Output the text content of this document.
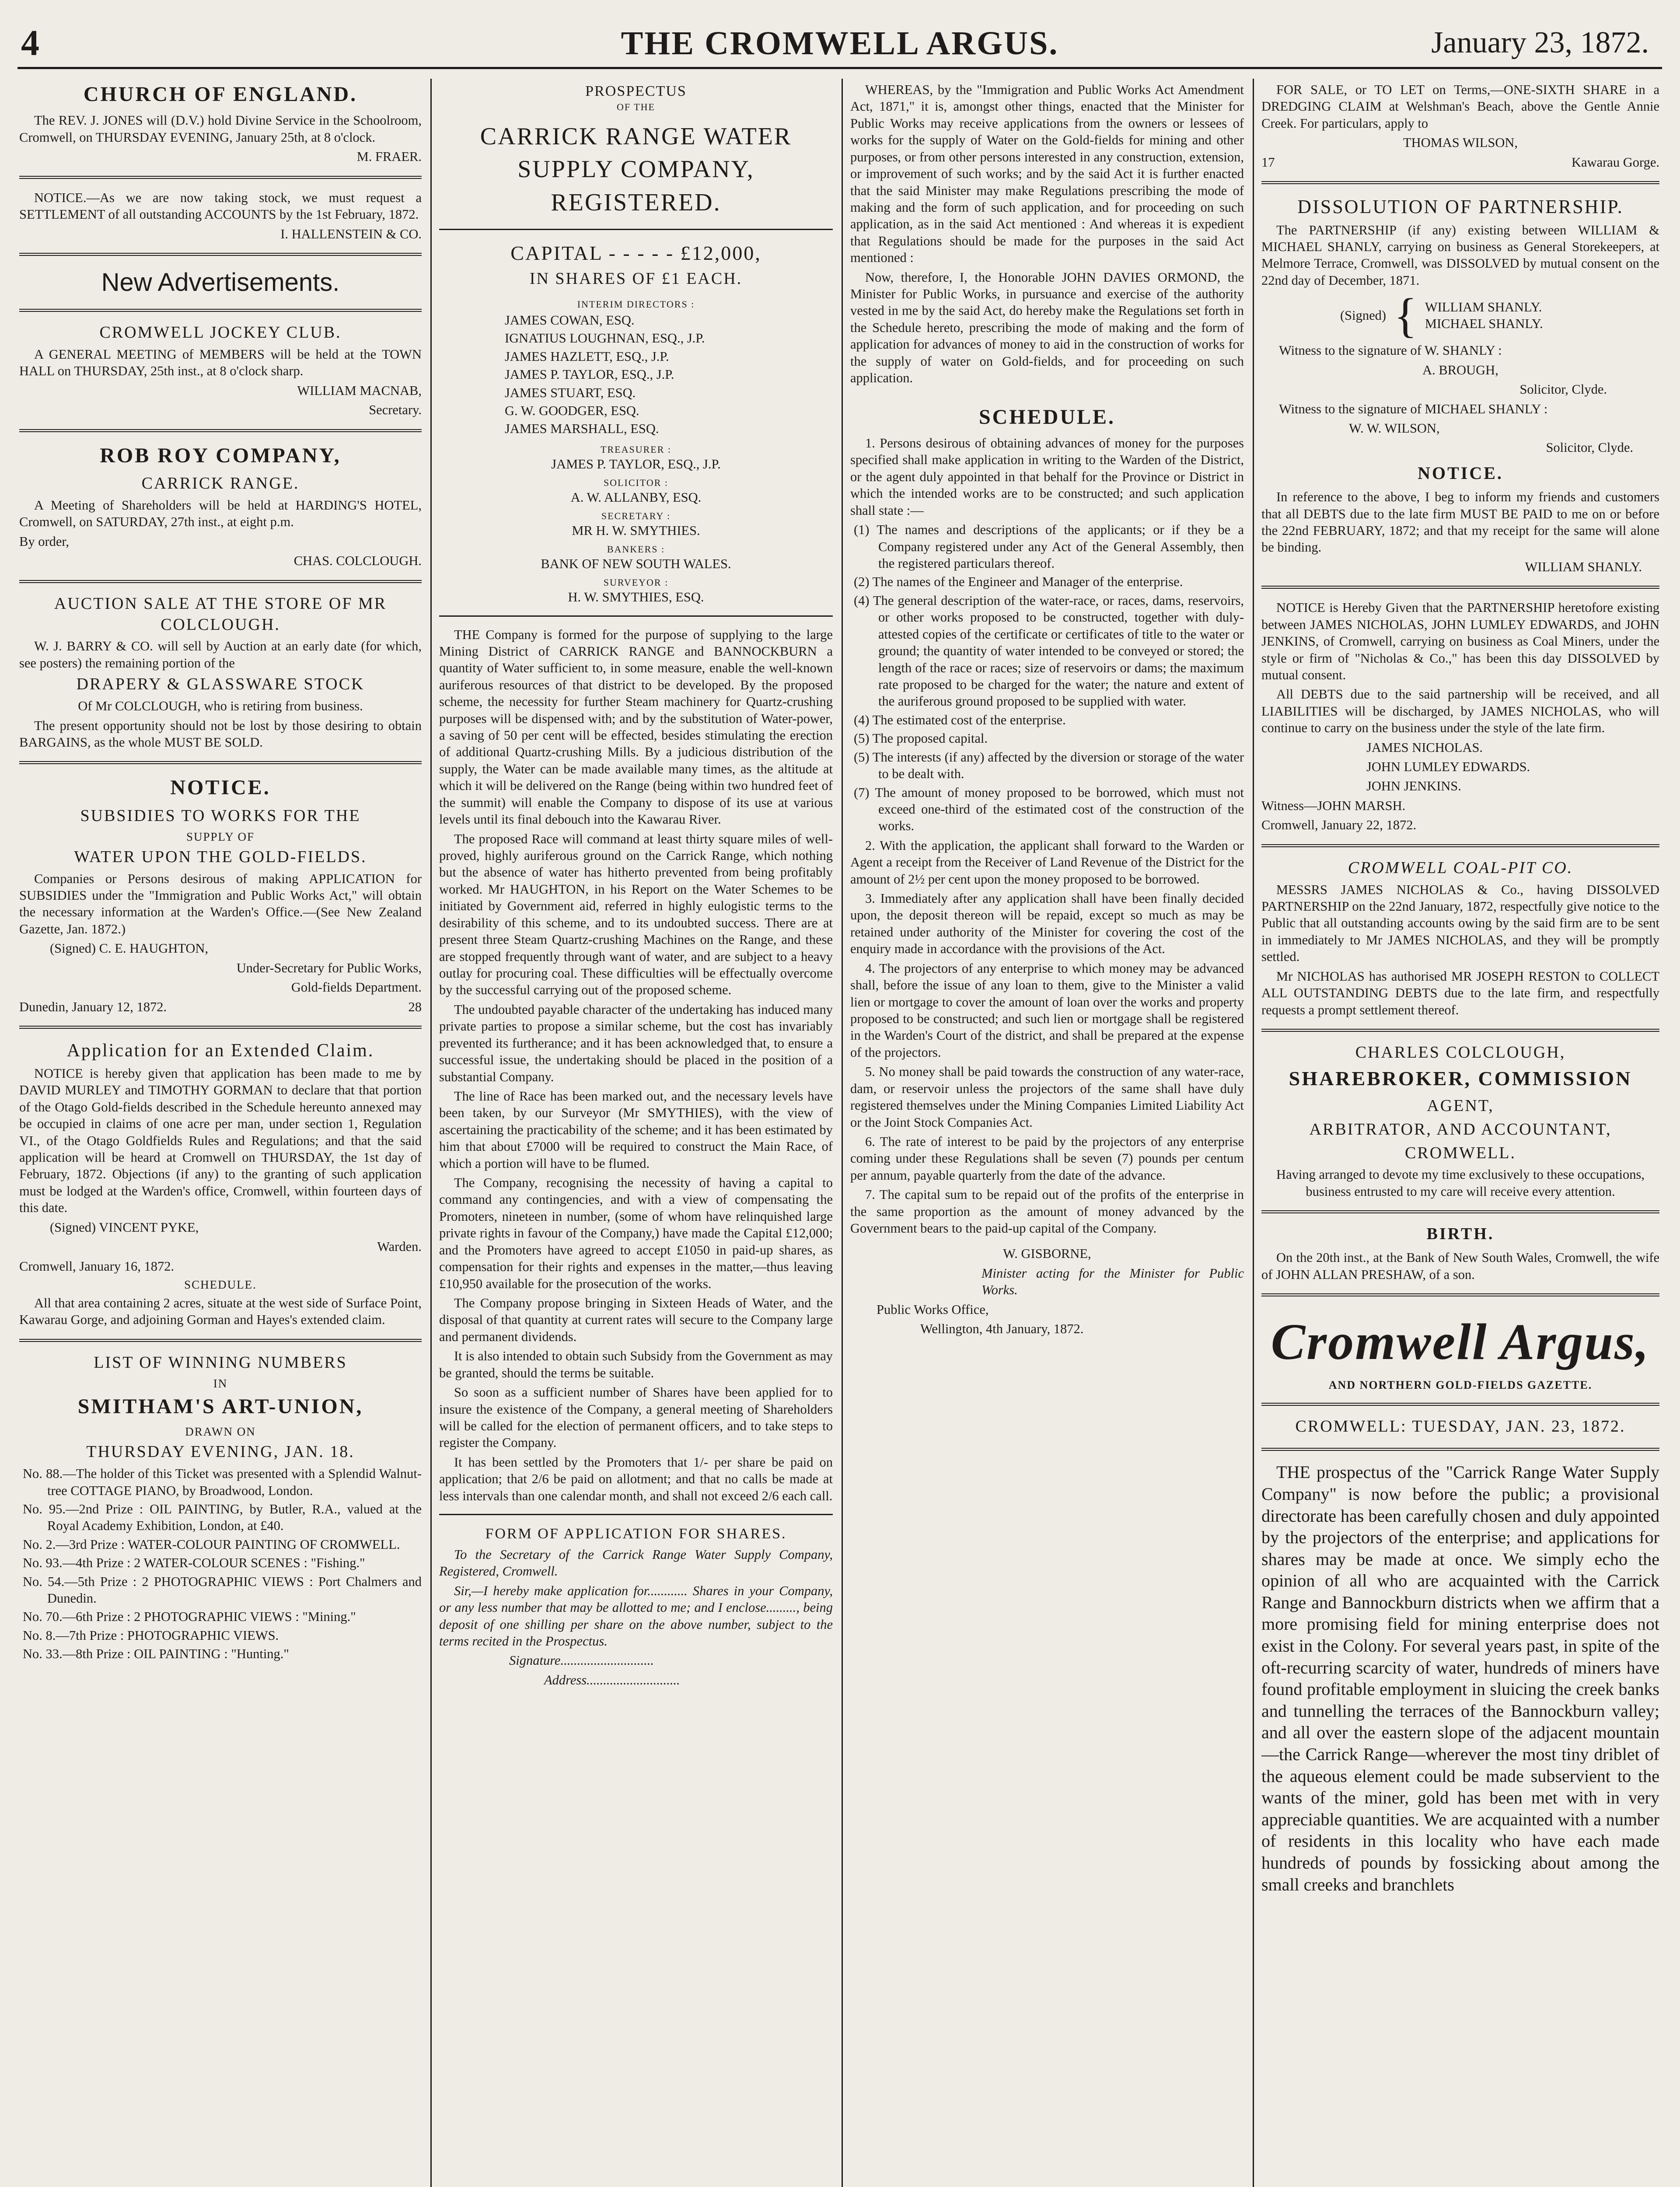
4	THE CROMWELL ARGUS.	January 23, 1872.
CHURCH OF ENGLAND.

The REV. J. JONES will (D.V.) hold Divine Service in the Schoolroom, Cromwell, on THURSDAY EVENING, January 25th, at 8 o'clock.

M. FRAER.

NOTICE.—As we are now taking stock, we must request a SETTLEMENT of all outstanding ACCOUNTS by the 1st February, 1872.

I. HALLENSTEIN & CO.

New Advertisements.
CROMWELL JOCKEY CLUB.

A GENERAL MEETING of MEMBERS will be held at the TOWN HALL on THURSDAY, 25th inst., at 8 o'clock sharp.

WILLIAM MACNAB,

Secretary.

ROB ROY COMPANY,
CARRICK RANGE.

A Meeting of Shareholders will be held at HARDING'S HOTEL, Cromwell, on SATURDAY, 27th inst., at eight p.m.

By order,

CHAS. COLCLOUGH.

AUCTION SALE AT THE STORE OF MR COLCLOUGH.

W. J. BARRY & CO. will sell by Auction at an early date (for which, see posters) the remaining portion of the

DRAPERY & GLASSWARE STOCK

Of Mr COLCLOUGH, who is retiring from business.

The present opportunity should not be lost by those desiring to obtain BARGAINS, as the whole MUST BE SOLD.

NOTICE.
SUBSIDIES TO WORKS FOR THE
SUPPLY OF
WATER UPON THE GOLD-FIELDS.

Companies or Persons desirous of making APPLICATION for SUBSIDIES under the "Immigration and Public Works Act," will obtain the necessary information at the Warden's Office.—(See New Zealand Gazette, Jan. 1872.)

(Signed) C. E. HAUGHTON,

Under-Secretary for Public Works,

Gold-fields Department.

Dunedin, January 12, 1872.	28

Application for an Extended Claim.

NOTICE is hereby given that application has been made to me by DAVID MURLEY and TIMOTHY GORMAN to declare that that portion of the Otago Gold-fields described in the Schedule hereunto annexed may be occupied in claims of one acre per man, under section 1, Regulation VI., of the Otago Goldfields Rules and Regulations; and that the said application will be heard at Cromwell on THURSDAY, the 1st day of February, 1872. Objections (if any) to the granting of such application must be lodged at the Warden's office, Cromwell, within fourteen days of this date.

(Signed) VINCENT PYKE,

Warden.

Cromwell, January 16, 1872.

SCHEDULE.

All that area containing 2 acres, situate at the west side of Surface Point, Kawarau Gorge, and adjoining Gorman and Hayes's extended claim.

LIST OF WINNING NUMBERS
IN
SMITHAM'S ART-UNION,
DRAWN ON
THURSDAY EVENING, JAN. 18.
No. 88.—The holder of this Ticket was presented with a Splendid Walnut-tree COTTAGE PIANO, by Broadwood, London.
No. 95.—2nd Prize : OIL PAINTING, by Butler, R.A., valued at the Royal Academy Exhibition, London, at £40.
No. 2.—3rd Prize : WATER-COLOUR PAINTING OF CROMWELL.
No. 93.—4th Prize : 2 WATER-COLOUR SCENES : "Fishing."
No. 54.—5th Prize : 2 PHOTOGRAPHIC VIEWS : Port Chalmers and Dunedin.
No. 70.—6th Prize : 2 PHOTOGRAPHIC VIEWS : "Mining."
No. 8.—7th Prize : PHOTOGRAPHIC VIEWS.
No. 33.—8th Prize : OIL PAINTING : "Hunting."
PROSPECTUS
OF THE
CARRICK RANGE WATER SUPPLY COMPANY, REGISTERED.
CAPITAL - - - - - £12,000,
IN SHARES OF £1 EACH.
INTERIM DIRECTORS :
JAMES COWAN, ESQ.
IGNATIUS LOUGHNAN, ESQ., J.P.
JAMES HAZLETT, ESQ., J.P.
JAMES P. TAYLOR, ESQ., J.P.
JAMES STUART, ESQ.
G. W. GOODGER, ESQ.
JAMES MARSHALL, ESQ.
TREASURER :
JAMES P. TAYLOR, ESQ., J.P.
SOLICITOR :
A. W. ALLANBY, ESQ.
SECRETARY :
MR H. W. SMYTHIES.
BANKERS :
BANK OF NEW SOUTH WALES.
SURVEYOR :
H. W. SMYTHIES, ESQ.

THE Company is formed for the purpose of supplying to the large Mining District of CARRICK RANGE and BANNOCKBURN a quantity of Water sufficient to, in some measure, enable the well-known auriferous resources of that district to be developed. By the proposed scheme, the necessity for further Steam machinery for Quartz-crushing purposes will be dispensed with; and by the substitution of Water-power, a saving of 50 per cent will be effected, besides stimulating the erection of additional Quartz-crushing Mills. By a judicious distribution of the supply, the Water can be made available many times, as the altitude at which it will be delivered on the Range (being within two hundred feet of the summit) will enable the Company to dispose of its use at various levels until its final debouch into the Kawarau River.

The proposed Race will command at least thirty square miles of well-proved, highly auriferous ground on the Carrick Range, which nothing but the absence of water has hitherto prevented from being profitably worked. Mr HAUGHTON, in his Report on the Water Schemes to be initiated by Government aid, referred in highly eulogistic terms to the desirability of this scheme, and to its undoubted success. There are at present three Steam Quartz-crushing Machines on the Range, and these are stopped frequently through want of water, and are subject to a heavy outlay for procuring coal. These difficulties will be effectually overcome by the successful carrying out of the proposed scheme.

The undoubted payable character of the undertaking has induced many private parties to propose a similar scheme, but the cost has invariably prevented its furtherance; and it has been acknowledged that, to ensure a successful issue, the undertaking should be placed in the position of a substantial Company.

The line of Race has been marked out, and the necessary levels have been taken, by our Surveyor (Mr SMYTHIES), with the view of ascertaining the practicability of the scheme; and it has been estimated by him that about £7000 will be required to construct the Main Race, of which a portion will have to be flumed.

The Company, recognising the necessity of having a capital to command any contingencies, and with a view of compensating the Promoters, nineteen in number, (some of whom have relinquished large private rights in favour of the Company,) have made the Capital £12,000; and the Promoters have agreed to accept £1050 in paid-up shares, as compensation for their rights and expenses in the matter,—thus leaving £10,950 available for the prosecution of the works.

The Company propose bringing in Sixteen Heads of Water, and the disposal of that quantity at current rates will secure to the Company large and permanent dividends.

It is also intended to obtain such Subsidy from the Government as may be granted, should the terms be suitable.

So soon as a sufficient number of Shares have been applied for to insure the existence of the Company, a general meeting of Shareholders will be called for the election of permanent officers, and to take steps to register the Company.

It has been settled by the Promoters that 1/- per share be paid on application; that 2/6 be paid on allotment; and that no calls be made at less intervals than one calendar month, and shall not exceed 2/6 each call.

FORM OF APPLICATION FOR SHARES.

To the Secretary of the Carrick Range Water Supply Company, Registered, Cromwell.

Sir,—I hereby make application for............ Shares in your Company, or any less number that may be allotted to me; and I enclose........., being deposit of one shilling per share on the above number, subject to the terms recited in the Prospectus.

Signature............................

Address............................

WHEREAS, by the "Immigration and Public Works Act Amendment Act, 1871," it is, amongst other things, enacted that the Minister for Public Works may receive applications from the owners or lessees of works for the supply of Water on the Gold-fields for mining and other purposes, or from other persons interested in any construction, extension, or improvement of such works; and by the said Act it is further enacted that the said Minister may make Regulations prescribing the mode of making and the form of such application, and for proceeding on such application, as in the said Act mentioned : And whereas it is expedient that Regulations should be made for the purposes in the said Act mentioned :

Now, therefore, I, the Honorable JOHN DAVIES ORMOND, the Minister for Public Works, in pursuance and exercise of the authority vested in me by the said Act, do hereby make the Regulations set forth in the Schedule hereto, prescribing the mode of making and the form of application for advances of money to aid in the construction of works for the supply of water on Gold-fields, and for proceeding on such application.

SCHEDULE.

1. Persons desirous of obtaining advances of money for the purposes specified shall make application in writing to the Warden of the District, or the agent duly appointed in that behalf for the Province or District in which the intended works are to be constructed; and such application shall state :—

(1) The names and descriptions of the applicants; or if they be a Company registered under any Act of the General Assembly, then the registered particulars thereof.
(2) The names of the Engineer and Manager of the enterprise.
(4) The general description of the water-race, or races, dams, reservoirs, or other works proposed to be constructed, together with duly-attested copies of the certificate or certificates of title to the water or ground; the quantity of water intended to be conveyed or stored; the length of the race or races; size of reservoirs or dams; the maximum rate proposed to be charged for the water; the nature and extent of the auriferous ground proposed to be supplied with water.
(4) The estimated cost of the enterprise.
(5) The proposed capital.
(5) The interests (if any) affected by the diversion or storage of the water to be dealt with.
(7) The amount of money proposed to be borrowed, which must not exceed one-third of the estimated cost of the construction of the works.

2. With the application, the applicant shall forward to the Warden or Agent a receipt from the Receiver of Land Revenue of the District for the amount of 2½ per cent upon the money proposed to be borrowed.

3. Immediately after any application shall have been finally decided upon, the deposit thereon will be repaid, except so much as may be retained under authority of the Minister for covering the cost of the enquiry made in accordance with the provisions of the Act.

4. The projectors of any enterprise to which money may be advanced shall, before the issue of any loan to them, give to the Minister a valid lien or mortgage to cover the amount of loan over the works and property proposed to be constructed; and such lien or mortgage shall be registered in the Warden's Court of the district, and shall be prepared at the expense of the projectors.

5. No money shall be paid towards the construction of any water-race, dam, or reservoir unless the projectors of the same shall have duly registered themselves under the Mining Companies Limited Liability Act or the Joint Stock Companies Act.

6. The rate of interest to be paid by the projectors of any enterprise coming under these Regulations shall be seven (7) pounds per centum per annum, payable quarterly from the date of the advance.

7. The capital sum to be repaid out of the profits of the enterprise in the same proportion as the amount of money advanced by the Government bears to the paid-up capital of the Company.

W. GISBORNE,

Minister acting for the Minister for Public Works.

Public Works Office,

Wellington, 4th January, 1872.

FOR SALE, or TO LET on Terms,—ONE-SIXTH SHARE in a DREDGING CLAIM at Welshman's Beach, above the Gentle Annie Creek. For particulars, apply to

THOMAS WILSON,

17	Kawarau Gorge.

DISSOLUTION OF PARTNERSHIP.

The PARTNERSHIP (if any) existing between WILLIAM & MICHAEL SHANLY, carrying on business as General Storekeepers, at Melmore Terrace, Cromwell, was DISSOLVED by mutual consent on the 22nd day of December, 1871.

(Signed) { WILLIAM SHANLY.
MICHAEL SHANLY.

Witness to the signature of W. SHANLY :

A. BROUGH,

Solicitor, Clyde.

Witness to the signature of MICHAEL SHANLY :

W. W. WILSON,

Solicitor, Clyde.

NOTICE.

In reference to the above, I beg to inform my friends and customers that all DEBTS due to the late firm MUST BE PAID to me on or before the 22nd FEBRUARY, 1872; and that my receipt for the same will alone be binding.

WILLIAM SHANLY.

NOTICE is Hereby Given that the PARTNERSHIP heretofore existing between JAMES NICHOLAS, JOHN LUMLEY EDWARDS, and JOHN JENKINS, of Cromwell, carrying on business as Coal Miners, under the style or firm of "Nicholas & Co.," has been this day DISSOLVED by mutual consent.

All DEBTS due to the said partnership will be received, and all LIABILITIES will be discharged, by JAMES NICHOLAS, who will continue to carry on the business under the style of the late firm.

JAMES NICHOLAS.

JOHN LUMLEY EDWARDS.

JOHN JENKINS.

Witness—JOHN MARSH.

Cromwell, January 22, 1872.

CROMWELL COAL-PIT CO.

MESSRS JAMES NICHOLAS & Co., having DISSOLVED PARTNERSHIP on the 22nd January, 1872, respectfully give notice to the Public that all outstanding accounts owing by the said firm are to be sent in immediately to Mr JAMES NICHOLAS, and they will be promptly settled.

Mr NICHOLAS has authorised MR JOSEPH RESTON to COLLECT ALL OUTSTANDING DEBTS due to the late firm, and respectfully requests a prompt settlement thereof.

CHARLES COLCLOUGH,
SHAREBROKER, COMMISSION
AGENT,
ARBITRATOR, AND ACCOUNTANT,
CROMWELL.

Having arranged to devote my time exclusively to these occupations, business entrusted to my care will receive every attention.

BIRTH.

On the 20th inst., at the Bank of New South Wales, Cromwell, the wife of JOHN ALLAN PRESHAW, of a son.

Cromwell Argus,
AND NORTHERN GOLD-FIELDS GAZETTE.
CROMWELL: TUESDAY, JAN. 23, 1872.

THE prospectus of the "Carrick Range Water Supply Company" is now before the public; a provisional directorate has been carefully chosen and duly appointed by the projectors of the enterprise; and applications for shares may be made at once. We simply echo the opinion of all who are acquainted with the Carrick Range and Bannockburn districts when we affirm that a more promising field for mining enterprise does not exist in the Colony. For several years past, in spite of the oft-recurring scarcity of water, hundreds of miners have found profitable employment in sluicing the creek banks and tunnelling the terraces of the Bannockburn valley; and all over the eastern slope of the adjacent mountain—the Carrick Range—wherever the most tiny driblet of the aqueous element could be made subservient to the wants of the miner, gold has been met with in very appreciable quantities. We are acquainted with a number of residents in this locality who have each made hundreds of pounds by fossicking about among the small creeks and branchlets
